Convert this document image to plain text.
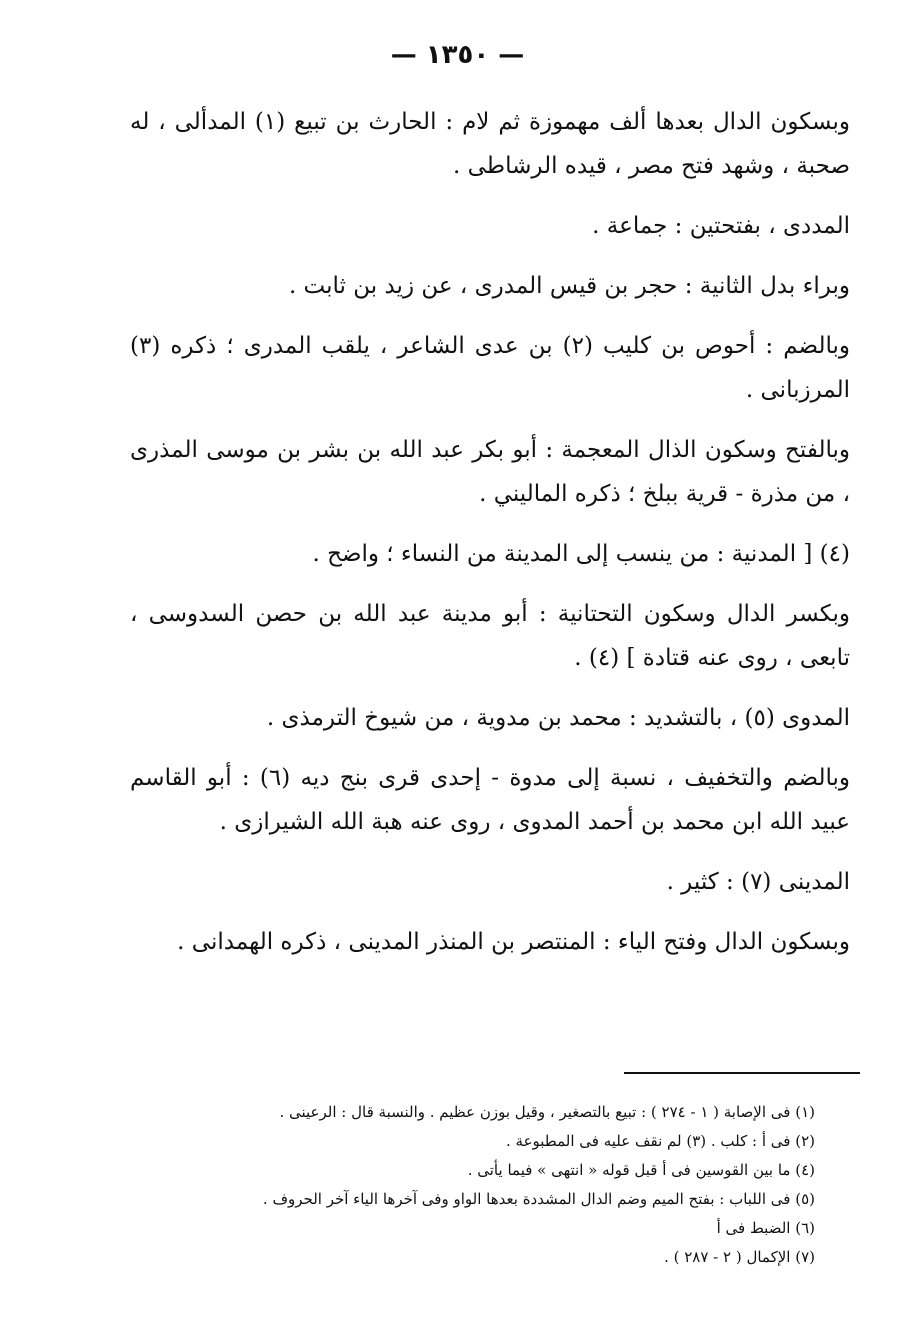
— ١٣٥٠ —

وبسكون الدال بعدها ألف مهموزة ثم لام : الحارث بن تبيع (١) المدألى ، له صحبة ، وشهد فتح مصر ، قيده الرشاطى .

المددى ، بفتحتين : جماعة .

وبراء بدل الثانية : حجر بن قيس المدرى ، عن زيد بن ثابت .

وبالضم : أحوص بن كليب (٢) بن عدى الشاعر ، يلقب المدرى ؛ ذكره (٣) المرزبانى .

وبالفتح وسكون الذال المعجمة : أبو بكر عبد الله بن بشر بن موسى المذرى ، من مذرة - قرية ببلخ ؛ ذكره الماليني .

(٤) [ المدنية : من ينسب إلى المدينة من النساء ؛ واضح .

وبكسر الدال وسكون التحتانية : أبو مدينة عبد الله بن حصن السدوسى ، تابعى ، روى عنه قتادة ] (٤) .

المدوى (٥) ، بالتشديد : محمد بن مدوية ، من شيوخ الترمذى .

وبالضم والتخفيف ، نسبة إلى مدوة - إحدى قرى بنج ديه (٦) : أبو القاسم عبيد الله ابن محمد بن أحمد المدوى ، روى عنه هبة الله الشيرازى .

المدينى (٧) : كثير .

وبسكون الدال وفتح الياء : المنتصر بن المنذر المدينى ، ذكره الهمدانى .

(١) فى الإصابة ( ١ - ٢٧٤ ) : تبيع بالتصغير ، وقيل بوزن عظيم . والنسبة قال : الرعينى .

(٢) فى أ : كلب . (٣) لم نقف عليه فى المطبوعة .

(٤) ما بين القوسين فى أ قبل قوله « انتهى » فيما يأتى .

(٥) فى اللباب : بفتح الميم وضم الدال المشددة بعدها الواو وفى آخرها الياء آخر الحروف .

(٦) الضبط فى أ

(٧) الإكمال ( ٢ - ٢٨٧ ) .
